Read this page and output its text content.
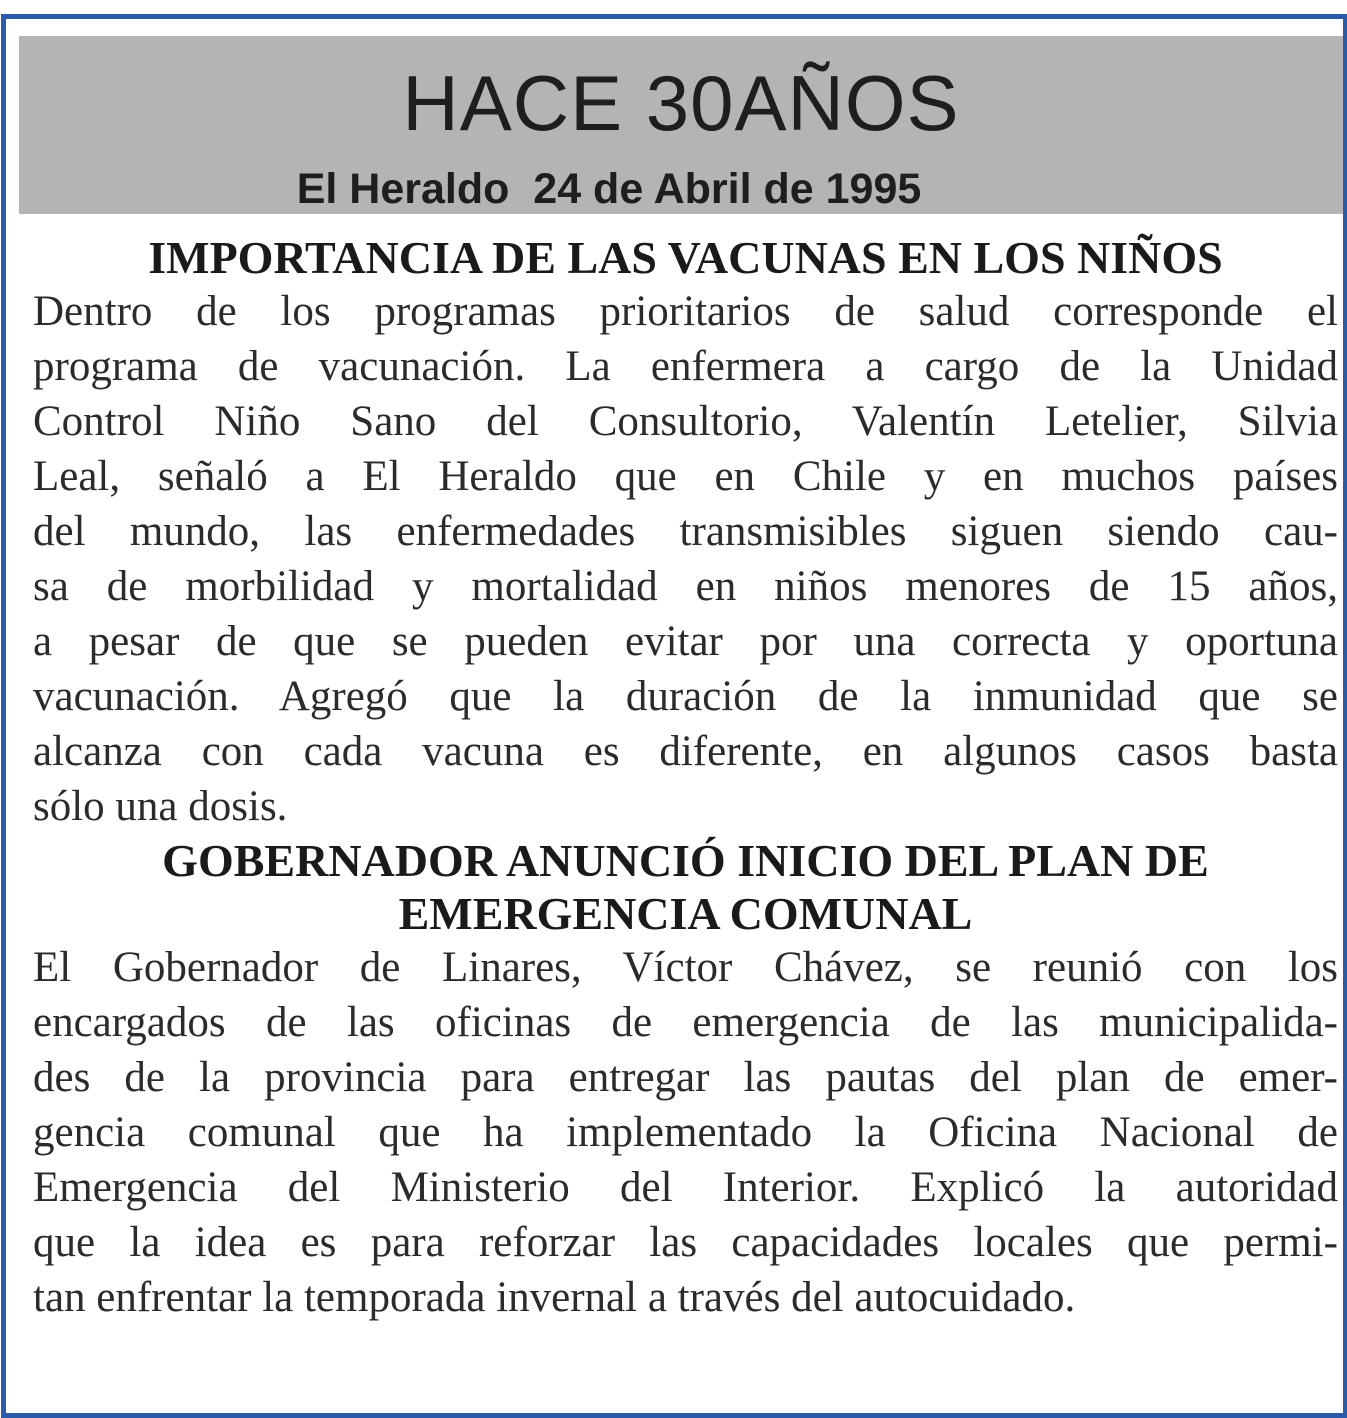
HACE 30AÑOS
El Heraldo  24 de Abril de 1995
IMPORTANCIA DE LAS VACUNAS EN LOS NIÑOS

Dentro de los programas prioritarios de salud corresponde el
programa de vacunación. La enfermera a cargo de la Unidad
Control Niño Sano del Consultorio, Valentín Letelier, Silvia
Leal, señaló a El Heraldo que en Chile y en muchos países
del mundo, las enfermedades transmisibles siguen siendo cau-
sa de morbilidad y mortalidad en niños menores de 15 años,
a pesar de que se pueden evitar por una correcta y oportuna
vacunación. Agregó que la duración de la inmunidad que se
alcanza con cada vacuna es diferente, en algunos casos basta
sólo una dosis.

GOBERNADOR ANUNCIÓ INICIO DEL PLAN DE
EMERGENCIA COMUNAL

El Gobernador de Linares, Víctor Chávez, se reunió con los
encargados de las oficinas de emergencia de las municipalida-
des de la provincia para entregar las pautas del plan de emer-
gencia comunal que ha implementado la Oficina Nacional de
Emergencia del Ministerio del Interior. Explicó la autoridad
que la idea es para reforzar las capacidades locales que permi-
tan enfrentar la temporada invernal a través del autocuidado.
